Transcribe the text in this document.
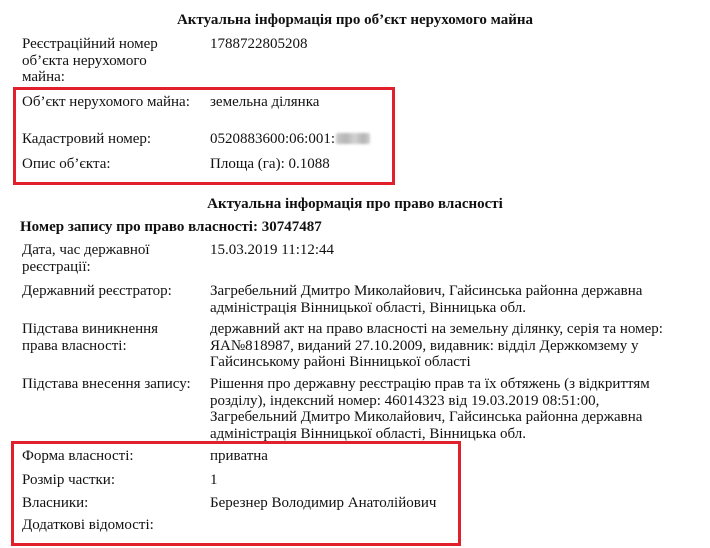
Актуальна інформація про об’єкт нерухомого майна
Реєстраційний номер об’єкта нерухомого майна:
1788722805208
Об’єкт нерухомого майна: земельна ділянка
Кадастровий номер:	0520883600:06:001:
Опис об’єкта:	Площа (га): 0.1088
Актуальна інформація про право власності
Номер запису про право власності: 30747487
Дата, час державної реєстрації:
15.03.2019 11:12:44
Державний реєстратор:	Загребельний Дмитро Миколайович, Гайсинська районна державна адміністрація Вінницької області, Вінницька обл.
Підстава виникнення права власності:
державний акт на право власності на земельну ділянку, серія та номер: ЯА№818987, виданий 27.10.2009, видавник: відділ Держкомзему у Гайсинському районі Вінницької області
Підстава внесення запису: Рішення про державну реєстрацію прав та їх обтяжень (з відкриттям розділу), індексний номер: 46014323 від 19.03.2019 08:51:00, Загребельний Дмитро Миколайович, Гайсинська районна державна адміністрація Вінницької області, Вінницька обл.
Форма власності:	приватна
Розмір частки:	1
Власники:	Березнер Володимир Анатолійович
Додаткові відомості:
